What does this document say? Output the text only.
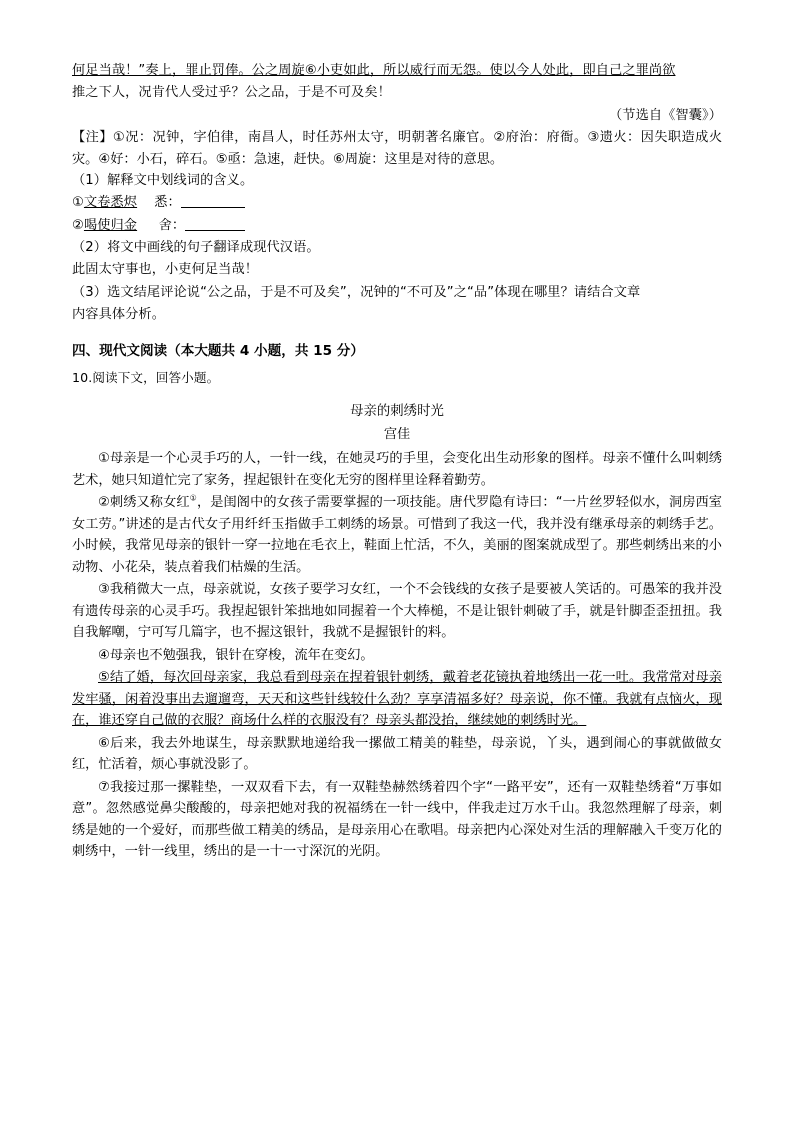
何足当哉！”奏上，罪止罚俸。公之周旋⑥小吏如此，所以威行而无怨。使以今人处此，即自己之罪尚欲

推之下人，况肯代人受过乎？公之品，于是不可及矣！

（节选自《智囊》）

【注】①况：况钟，字伯律，南昌人，时任苏州太守，明朝著名廉官。②府治：府衙。③遗火：因失职造成火灾。④好：小石，碎石。⑤亟：急速，赶快。⑥周旋：这里是对待的意思。

（1）解释文中划线词的含义。

①文卷悉烬 悉：

②喝使归金 舍：

（2）将文中画线的句子翻译成现代汉语。

此固太守事也，小吏何足当哉！

（3）选文结尾评论说“公之品，于是不可及矣”，况钟的“不可及”之“品”体现在哪里？请结合文章

内容具体分析。

四、现代文阅读（本大题共 4 小题，共 15 分）

10.阅读下文，回答小题。

母亲的刺绣时光

宫佳

①母亲是一个心灵手巧的人，一针一线，在她灵巧的手里，会变化出生动形象的图样。母亲不懂什么叫刺绣艺术，她只知道忙完了家务，捏起银针在变化无穷的图样里诠释着勤劳。

②刺绣又称女红①，是闺阁中的女孩子需要掌握的一项技能。唐代罗隐有诗曰：“一片丝罗轻似水，洞房西室女工劳。”讲述的是古代女子用纤纤玉指做手工刺绣的场景。可惜到了我这一代，我并没有继承母亲的刺绣手艺。小时候，我常见母亲的银针一穿一拉地在毛衣上，鞋面上忙活，不久，美丽的图案就成型了。那些刺绣出来的小动物、小花朵，装点着我们枯燥的生活。

③我稍微大一点，母亲就说，女孩子要学习女红，一个不会钱线的女孩子是要被人笑话的。可愚笨的我并没有遗传母亲的心灵手巧。我捏起银针笨拙地如同握着一个大棒槌，不是让银针刺破了手，就是针脚歪歪扭扭。我自我解嘲，宁可写几篇字，也不握这银针，我就不是握银针的料。

④母亲也不勉强我，银针在穿梭，流年在变幻。

⑤结了婚，每次回母亲家，我总看到母亲在捏着银针刺绣，戴着老花镜执着地绣出一花一吐。我常常对母亲发牢骚，闲着没事出去遛遛弯，天天和这些针线较什么劲？享享清福多好？母亲说，你不懂。我就有点恼火，现在，谁还穿自己做的衣服？商场什么样的衣服没有？母亲头都没抬，继续她的刺绣时光。

⑥后来，我去外地谋生，母亲默默地递给我一摞做工精美的鞋垫，母亲说，丫头，遇到闹心的事就做做女红，忙活着，烦心事就没影了。

⑦我接过那一摞鞋垫，一双双看下去，有一双鞋垫赫然绣着四个字“一路平安”，还有一双鞋垫绣着“万事如意”。忽然感觉鼻尖酸酸的，母亲把她对我的祝福绣在一针一线中，伴我走过万水千山。我忽然理解了母亲，刺绣是她的一个爱好，而那些做工精美的绣品，是母亲用心在歌唱。母亲把内心深处对生活的理解融入千变万化的刺绣中，一针一线里，绣出的是一十一寸深沉的光阴。
